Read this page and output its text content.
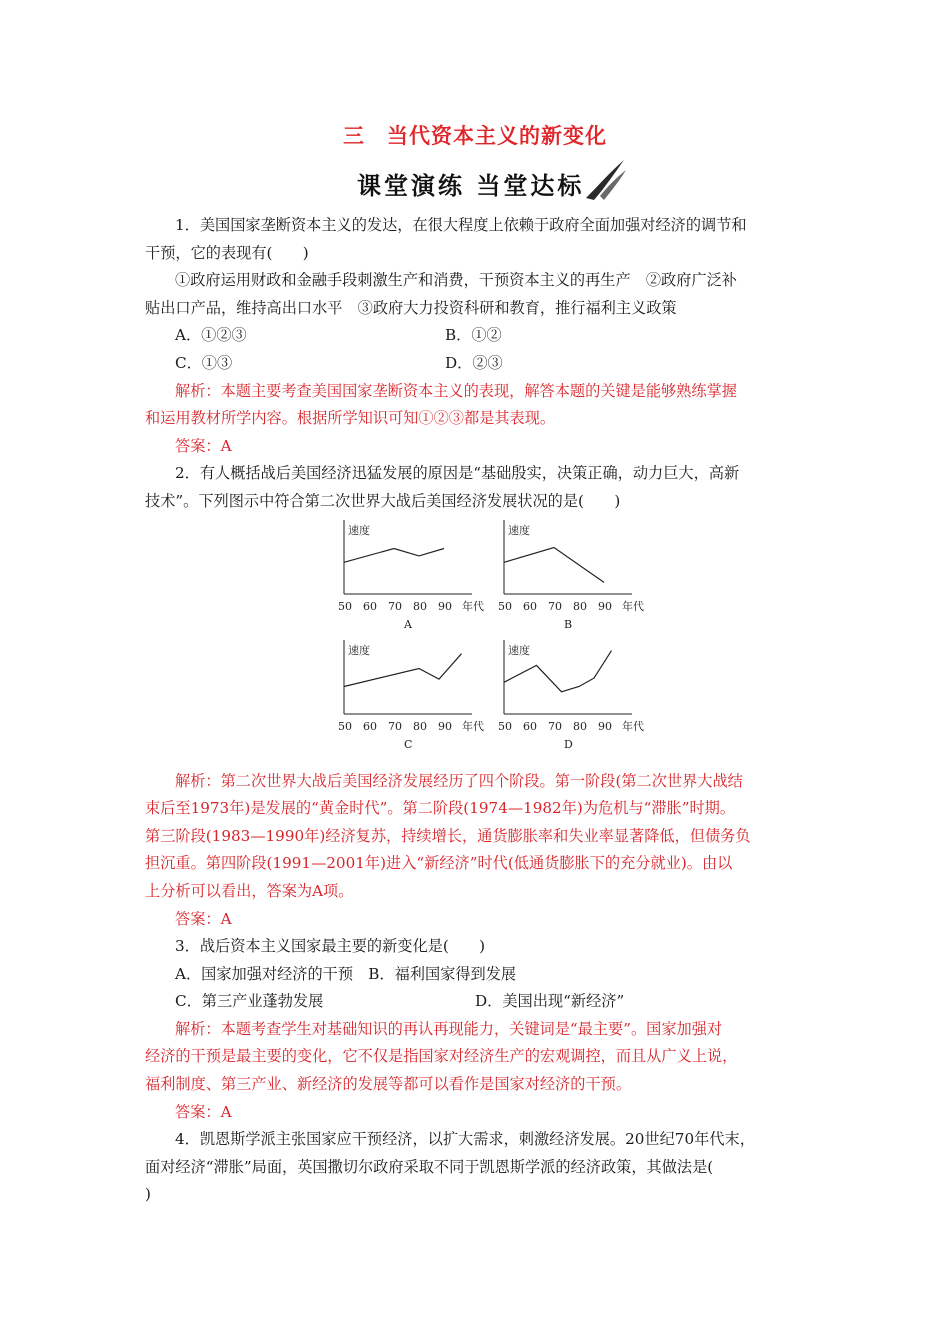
三　当代资本主义的新变化
课堂演练 当堂达标

1．美国国家垄断资本主义的发达，在很大程度上依赖于政府全面加强对经济的调节和

干预，它的表现有(　　)

①政府运用财政和金融手段刺激生产和消费，干预资本主义的再生产　②政府广泛补

贴出口产品，维持高出口水平　③政府大力投资科研和教育，推行福利主义政策

A．①②③	B．①②
C．①③	D．②③

解析：本题主要考查美国国家垄断资本主义的表现，解答本题的关键是能够熟练掌握

和运用教材所学内容。根据所学知识可知①②③都是其表现。

答案：A

2．有人概括战后美国经济迅猛发展的原因是“基础殷实，决策正确，动力巨大，高新

技术”。下列图示中符合第二次世界大战后美国经济发展状况的是(　　)

速度
50 60 70 80 90 年代
A
速度
50 60 70 80 90 年代
B
速度
50 60 70 80 90 年代
C
速度
50 60 70 80 90 年代
D

解析：第二次世界大战后美国经济发展经历了四个阶段。第一阶段(第二次世界大战结

束后至1973年)是发展的“黄金时代”。第二阶段(1974—1982年)为危机与“滞胀”时期。

第三阶段(1983—1990年)经济复苏，持续增长，通货膨胀率和失业率显著降低，但债务负

担沉重。第四阶段(1991—2001年)进入“新经济”时代(低通货膨胀下的充分就业)。由以

上分析可以看出，答案为A项。

答案：A

3．战后资本主义国家最主要的新变化是(　　)

A．国家加强对经济的干预　B．福利国家得到发展

C．第三产业蓬勃发展	D．美国出现“新经济”

解析：本题考查学生对基础知识的再认再现能力，关键词是“最主要”。国家加强对

经济的干预是最主要的变化，它不仅是指国家对经济生产的宏观调控，而且从广义上说，

福利制度、第三产业、新经济的发展等都可以看作是国家对经济的干预。

答案：A

4．凯恩斯学派主张国家应干预经济，以扩大需求，刺激经济发展。20世纪70年代末，

面对经济“滞胀”局面，英国撒切尔政府采取不同于凯恩斯学派的经济政策，其做法是(

)
